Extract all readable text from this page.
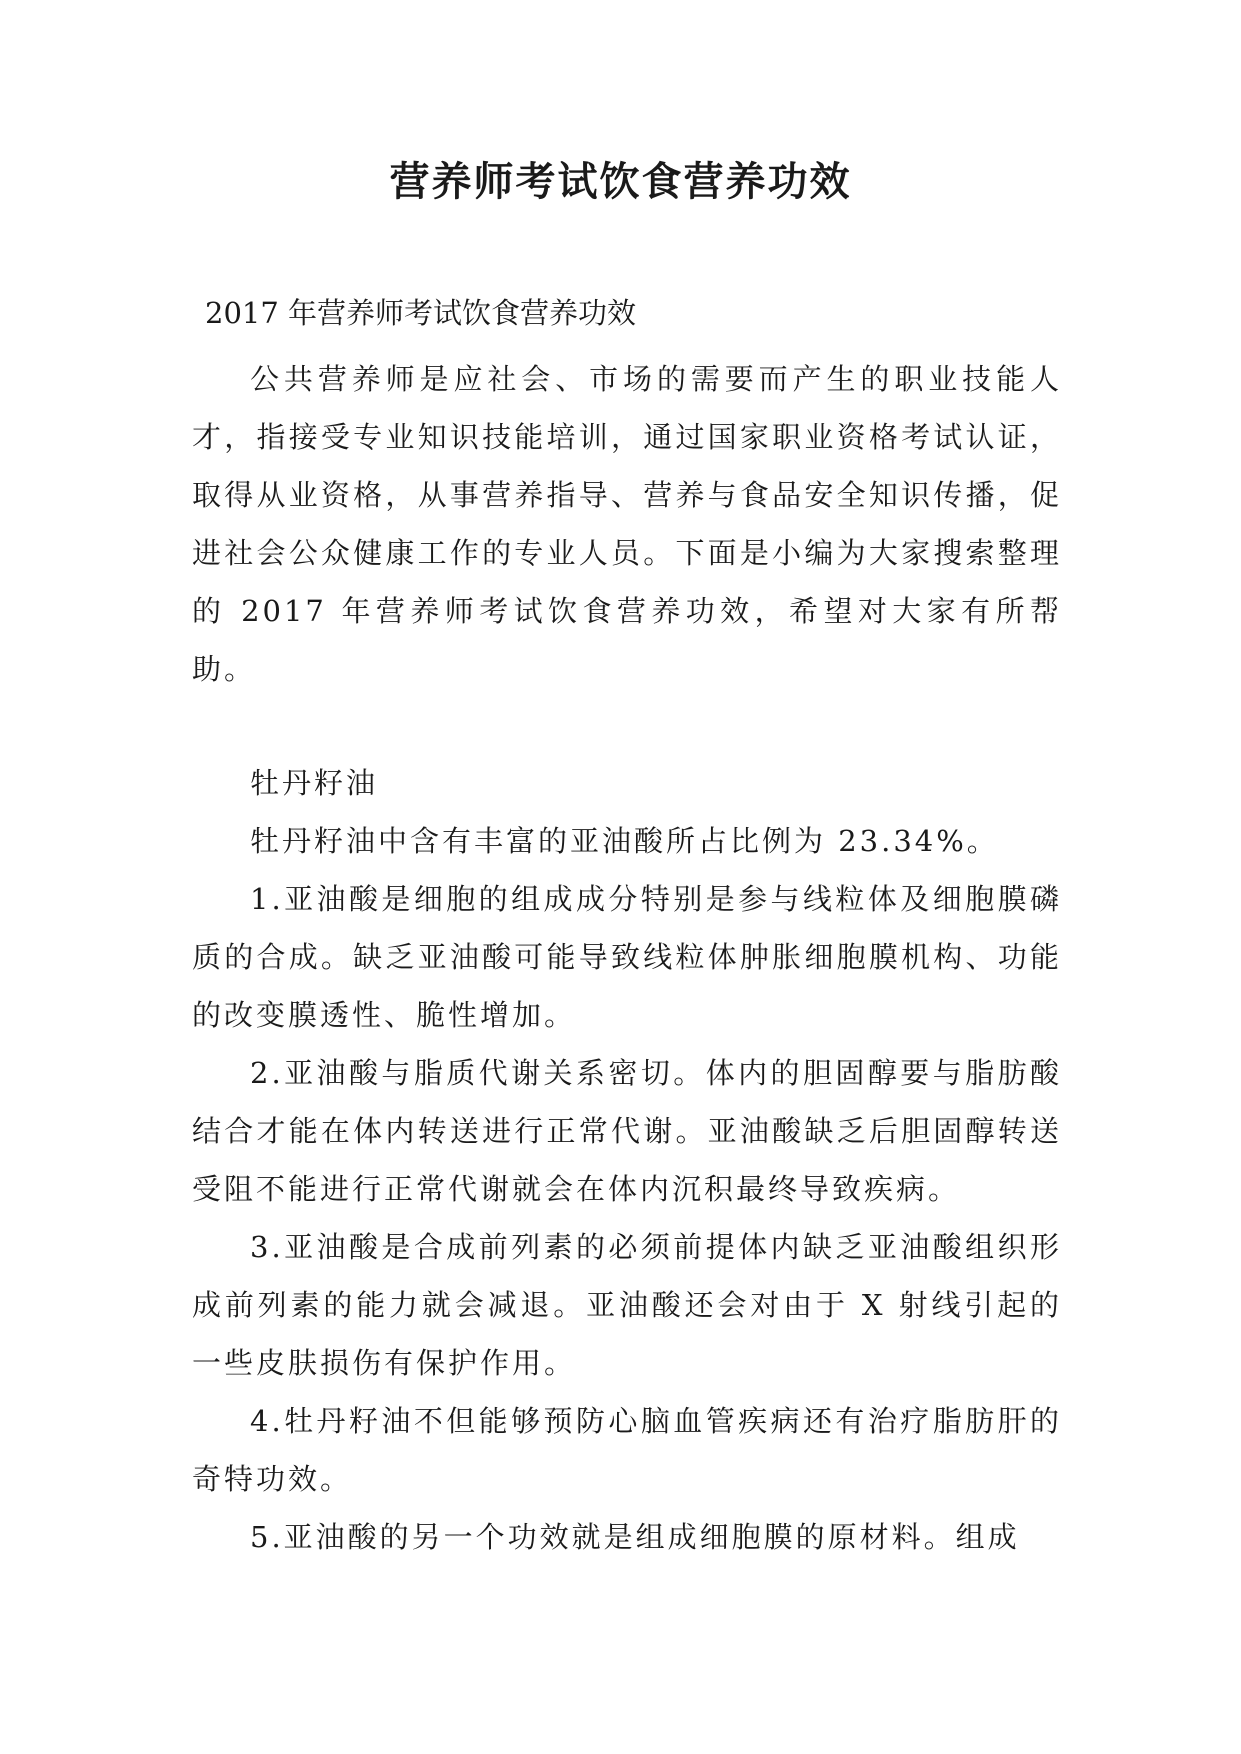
营养师考试饮食营养功效
2017 年营养师考试饮食营养功效

公共营养师是应社会、市场的需要而产生的职业技能人才，指接受专业知识技能培训，通过国家职业资格考试认证，取得从业资格，从事营养指导、营养与食品安全知识传播，促进社会公众健康工作的专业人员。下面是小编为大家搜索整理的 2017 年营养师考试饮食营养功效，希望对大家有所帮助。

牡丹籽油

牡丹籽油中含有丰富的亚油酸所占比例为 23.34%。

1.亚油酸是细胞的组成成分特别是参与线粒体及细胞膜磷质的合成。缺乏亚油酸可能导致线粒体肿胀细胞膜机构、功能的改变膜透性、脆性增加。

2.亚油酸与脂质代谢关系密切。体内的胆固醇要与脂肪酸结合才能在体内转送进行正常代谢。亚油酸缺乏后胆固醇转送受阻不能进行正常代谢就会在体内沉积最终导致疾病。

3.亚油酸是合成前列素的必须前提体内缺乏亚油酸组织形成前列素的能力就会减退。亚油酸还会对由于 X 射线引起的一些皮肤损伤有保护作用。

4.牡丹籽油不但能够预防心脑血管疾病还有治疗脂肪肝的奇特功效。

5.亚油酸的另一个功效就是组成细胞膜的原材料。组成
